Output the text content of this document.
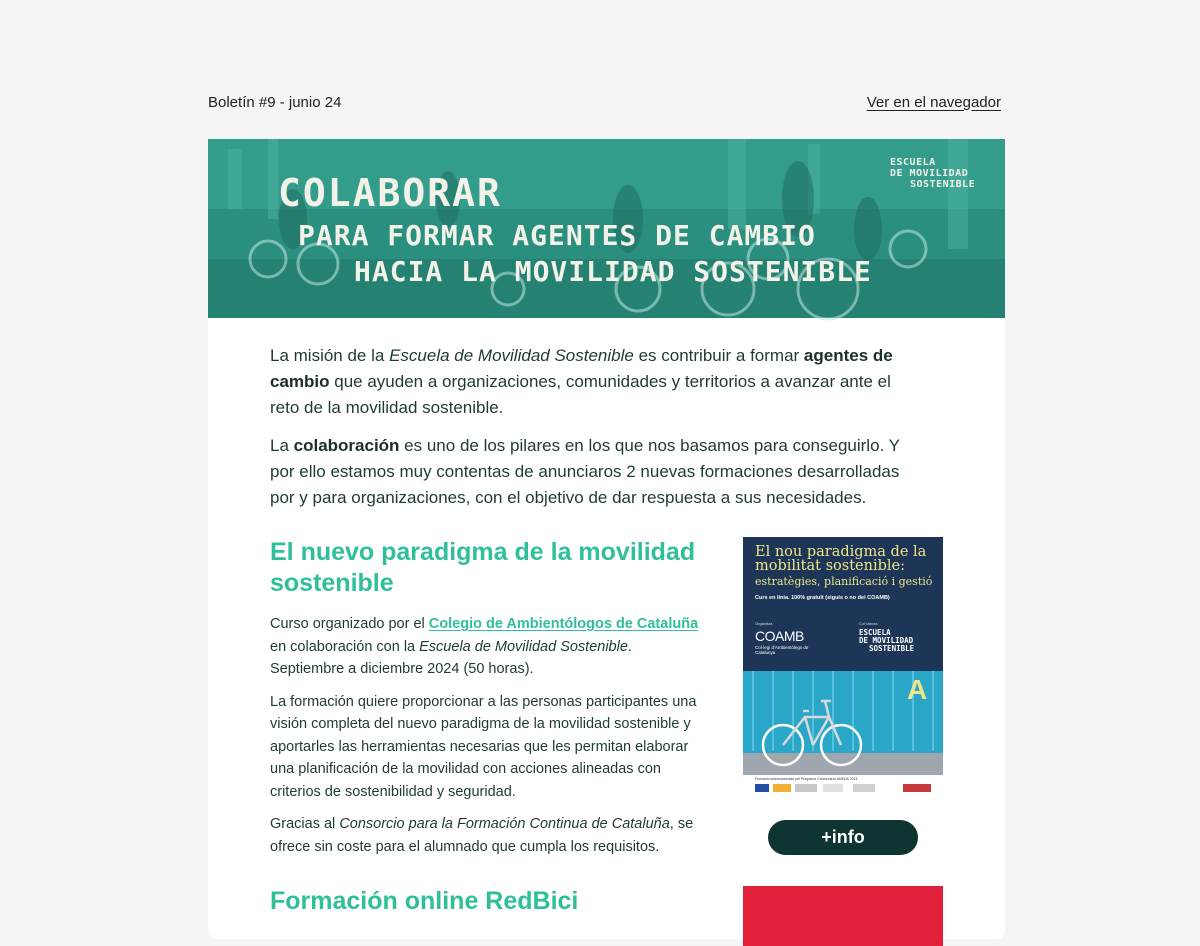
Boletín #9 - junio 24	Ver en el navegador
COLABORAR
PARA FORMAR AGENTES DE CAMBIO
HACIA LA MOVILIDAD SOSTENIBLE
ESCUELA
DE MOVILIDAD
SOSTENIBLE

La misión de la Escuela de Movilidad Sostenible es contribuir a formar agentes de cambio que ayuden a organizaciones, comunidades y territorios a avanzar ante el reto de la movilidad sostenible.

La colaboración es uno de los pilares en los que nos basamos para conseguirlo. Y por ello estamos muy contentas de anunciaros 2 nuevas formaciones desarrolladas por y para organizaciones, con el objetivo de dar respuesta a sus necesidades.

El nuevo paradigma de la movilidad sostenible

Curso organizado por el Colegio de Ambientólogos de Cataluña en colaboración con la Escuela de Movilidad Sostenible. Septiembre a diciembre 2024 (50 horas).

La formación quiere proporcionar a las personas participantes una visión completa del nuevo paradigma de la movilidad sostenible y aportarles las herramientas necesarias que les permitan elaborar una planificación de la movilidad con acciones alineadas con criterios de sostenibilidad y seguridad.

Gracias al Consorcio para la Formación Continua de Cataluña, se ofrece sin coste para el alumnado que cumpla los requisitos.

El nou paradigma de la mobilitat sostenible:
estratègies, planificació i gestió
Curs en línia. 100% gratuït (siguis o no del COAMB)
Organitza
COAMB
Col·legi d'Ambientòlegs de Catalunya
Col·labora
ESCUELA
DE MOVILIDAD
SOSTENIBLE
A
Formació subvencionada pel Programa Conforma'm ANEDA 2024
+info
Formación online RedBici
